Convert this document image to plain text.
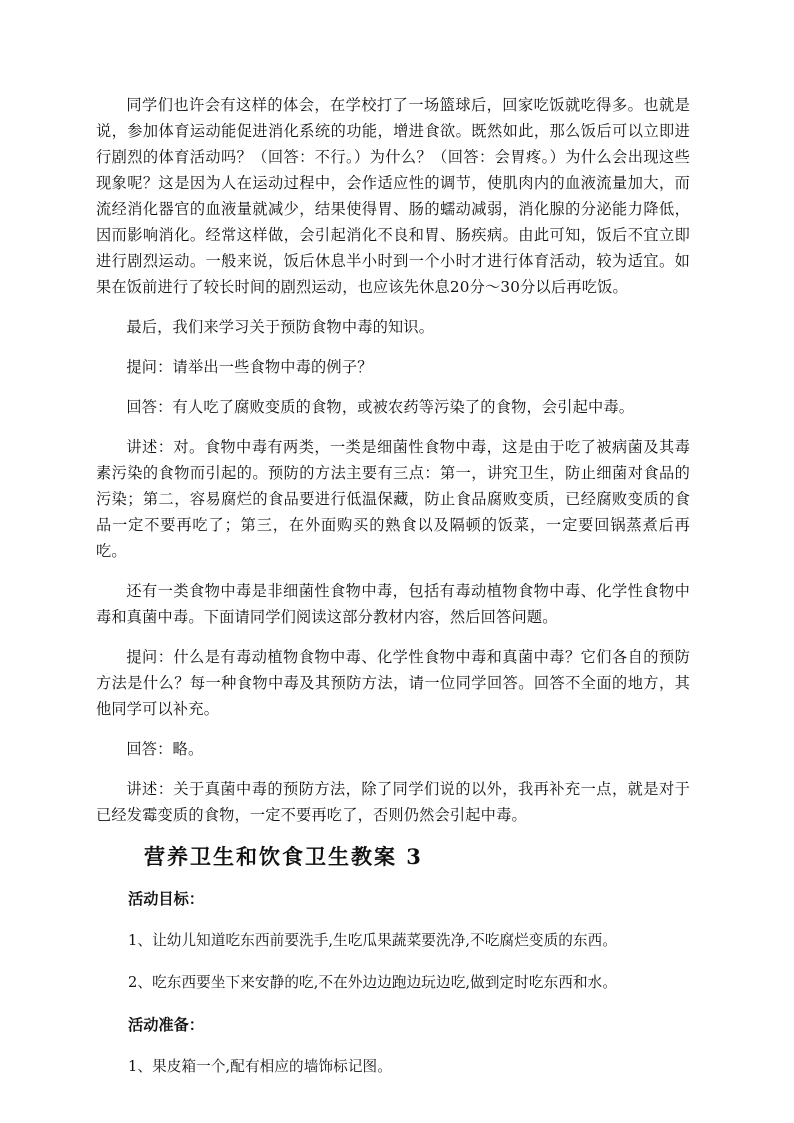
同学们也许会有这样的体会，在学校打了一场篮球后，回家吃饭就吃得多。也就是说，参加体育运动能促进消化系统的功能，增进食欲。既然如此，那么饭后可以立即进行剧烈的体育活动吗？（回答：不行。）为什么？（回答：会胃疼。）为什么会出现这些现象呢？这是因为人在运动过程中，会作适应性的调节，使肌肉内的血液流量加大，而流经消化器官的血液量就减少，结果使得胃、肠的蠕动减弱，消化腺的分泌能力降低，因而影响消化。经常这样做，会引起消化不良和胃、肠疾病。由此可知，饭后不宜立即进行剧烈运动。一般来说，饭后休息半小时到一个小时才进行体育活动，较为适宜。如果在饭前进行了较长时间的剧烈运动，也应该先休息20分～30分以后再吃饭。

最后，我们来学习关于预防食物中毒的知识。

提问：请举出一些食物中毒的例子？

回答：有人吃了腐败变质的食物，或被农药等污染了的食物，会引起中毒。

讲述：对。食物中毒有两类，一类是细菌性食物中毒，这是由于吃了被病菌及其毒素污染的食物而引起的。预防的方法主要有三点：第一，讲究卫生，防止细菌对食品的污染；第二，容易腐烂的食品要进行低温保藏，防止食品腐败变质，已经腐败变质的食品一定不要再吃了；第三，在外面购买的熟食以及隔顿的饭菜，一定要回锅蒸煮后再吃。

还有一类食物中毒是非细菌性食物中毒，包括有毒动植物食物中毒、化学性食物中毒和真菌中毒。下面请同学们阅读这部分教材内容，然后回答问题。

提问：什么是有毒动植物食物中毒、化学性食物中毒和真菌中毒？它们各自的预防方法是什么？每一种食物中毒及其预防方法，请一位同学回答。回答不全面的地方，其他同学可以补充。

回答：略。

讲述：关于真菌中毒的预防方法，除了同学们说的以外，我再补充一点，就是对于已经发霉变质的食物，一定不要再吃了，否则仍然会引起中毒。

营养卫生和饮食卫生教案 3
活动目标：
1、让幼儿知道吃东西前要洗手,生吃瓜果蔬菜要洗净,不吃腐烂变质的东西。
2、吃东西要坐下来安静的吃,不在外边边跑边玩边吃,做到定时吃东西和水。
活动准备：
1、果皮箱一个,配有相应的墙饰标记图。
